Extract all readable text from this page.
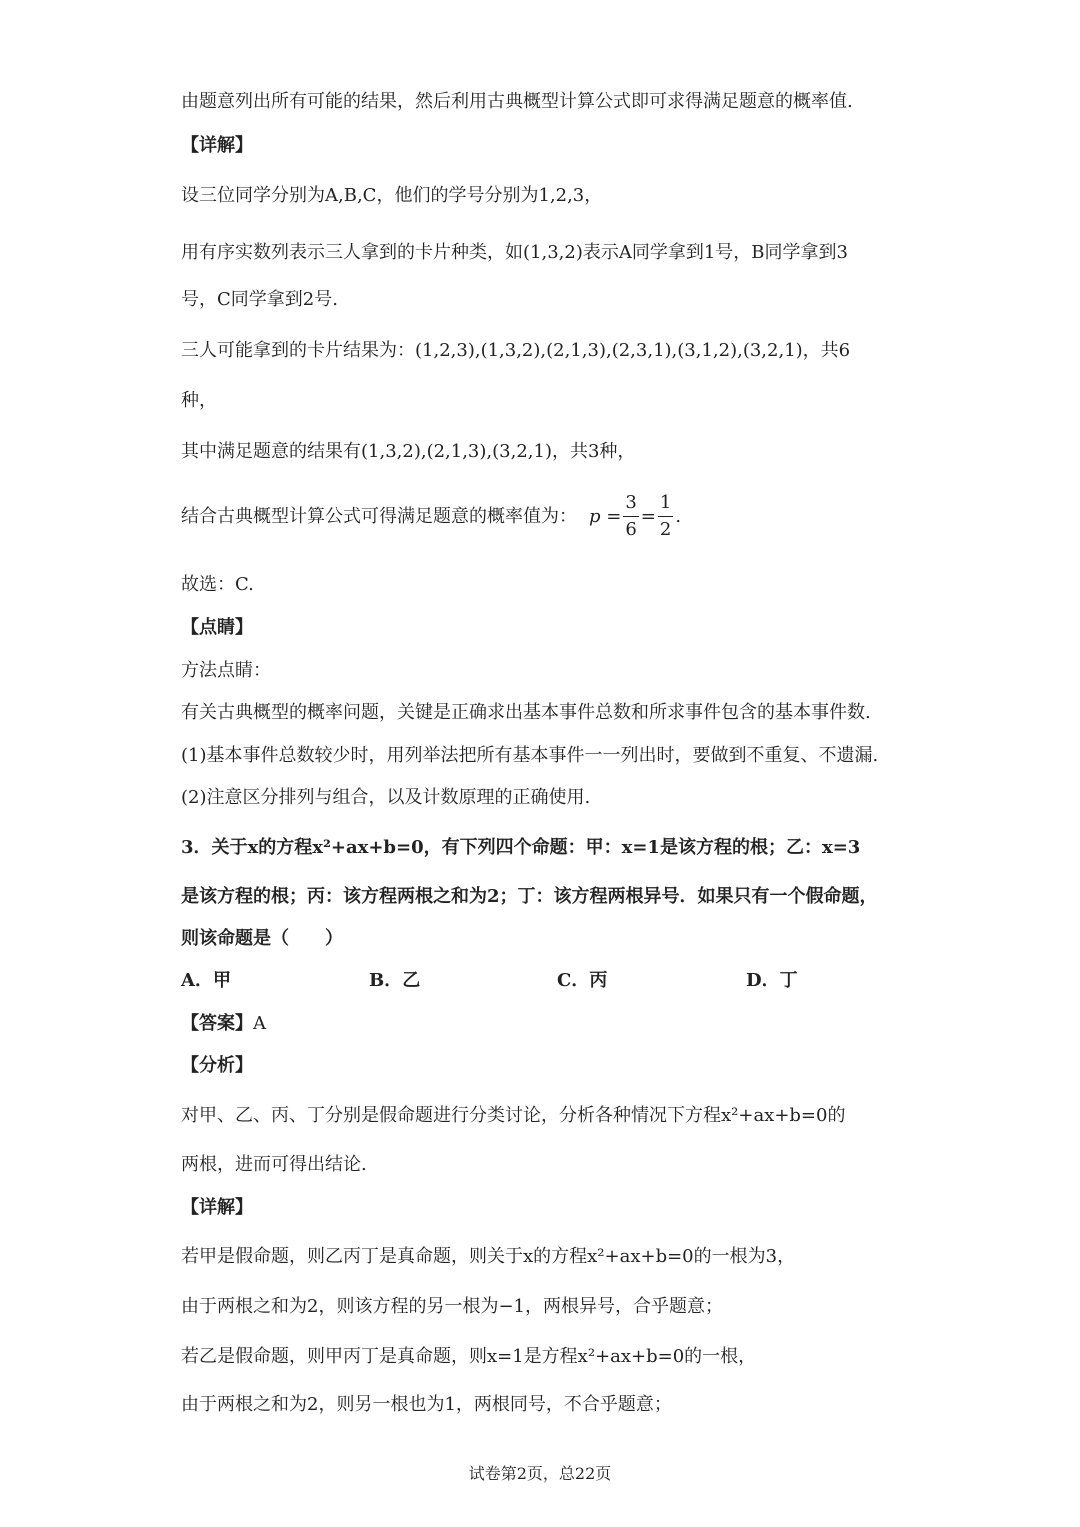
由题意列出所有可能的结果，然后利用古典概型计算公式即可求得满足题意的概率值.
【详解】
设三位同学分别为A,B,C，他们的学号分别为1,2,3，
用有序实数列表示三人拿到的卡片种类，如(1,3,2)表示A同学拿到1号，B同学拿到3
号，C同学拿到2号.
三人可能拿到的卡片结果为：(1,2,3),(1,3,2),(2,1,3),(2,3,1),(3,1,2),(3,2,1)，共6
种，
其中满足题意的结果有(1,3,2),(2,1,3),(3,2,1)，共3种，
结合古典概型计算公式可得满足题意的概率值为： $p = \frac{3}{6} = \frac{1}{2}$ .
故选：C.
【点睛】
方法点睛：
有关古典概型的概率问题，关键是正确求出基本事件总数和所求事件包含的基本事件数.
(1)基本事件总数较少时，用列举法把所有基本事件一一列出时，要做到不重复、不遗漏.
(2)注意区分排列与组合，以及计数原理的正确使用.
3．关于x的方程x²+ax+b=0，有下列四个命题：甲：x=1是该方程的根；乙：x=3
是该方程的根；丙：该方程两根之和为2；丁：该方程两根异号．如果只有一个假命题，
则该命题是（　　）
A．甲	B．乙	C．丙	D．丁
【答案】A
【分析】
对甲、乙、丙、丁分别是假命题进行分类讨论，分析各种情况下方程x²+ax+b=0的
两根，进而可得出结论.
【详解】
若甲是假命题，则乙丙丁是真命题，则关于x的方程x²+ax+b=0的一根为3，
由于两根之和为2，则该方程的另一根为−1，两根异号，合乎题意；
若乙是假命题，则甲丙丁是真命题，则x=1是方程x²+ax+b=0的一根，
由于两根之和为2，则另一根也为1，两根同号，不合乎题意；
试卷第2页，总22页
